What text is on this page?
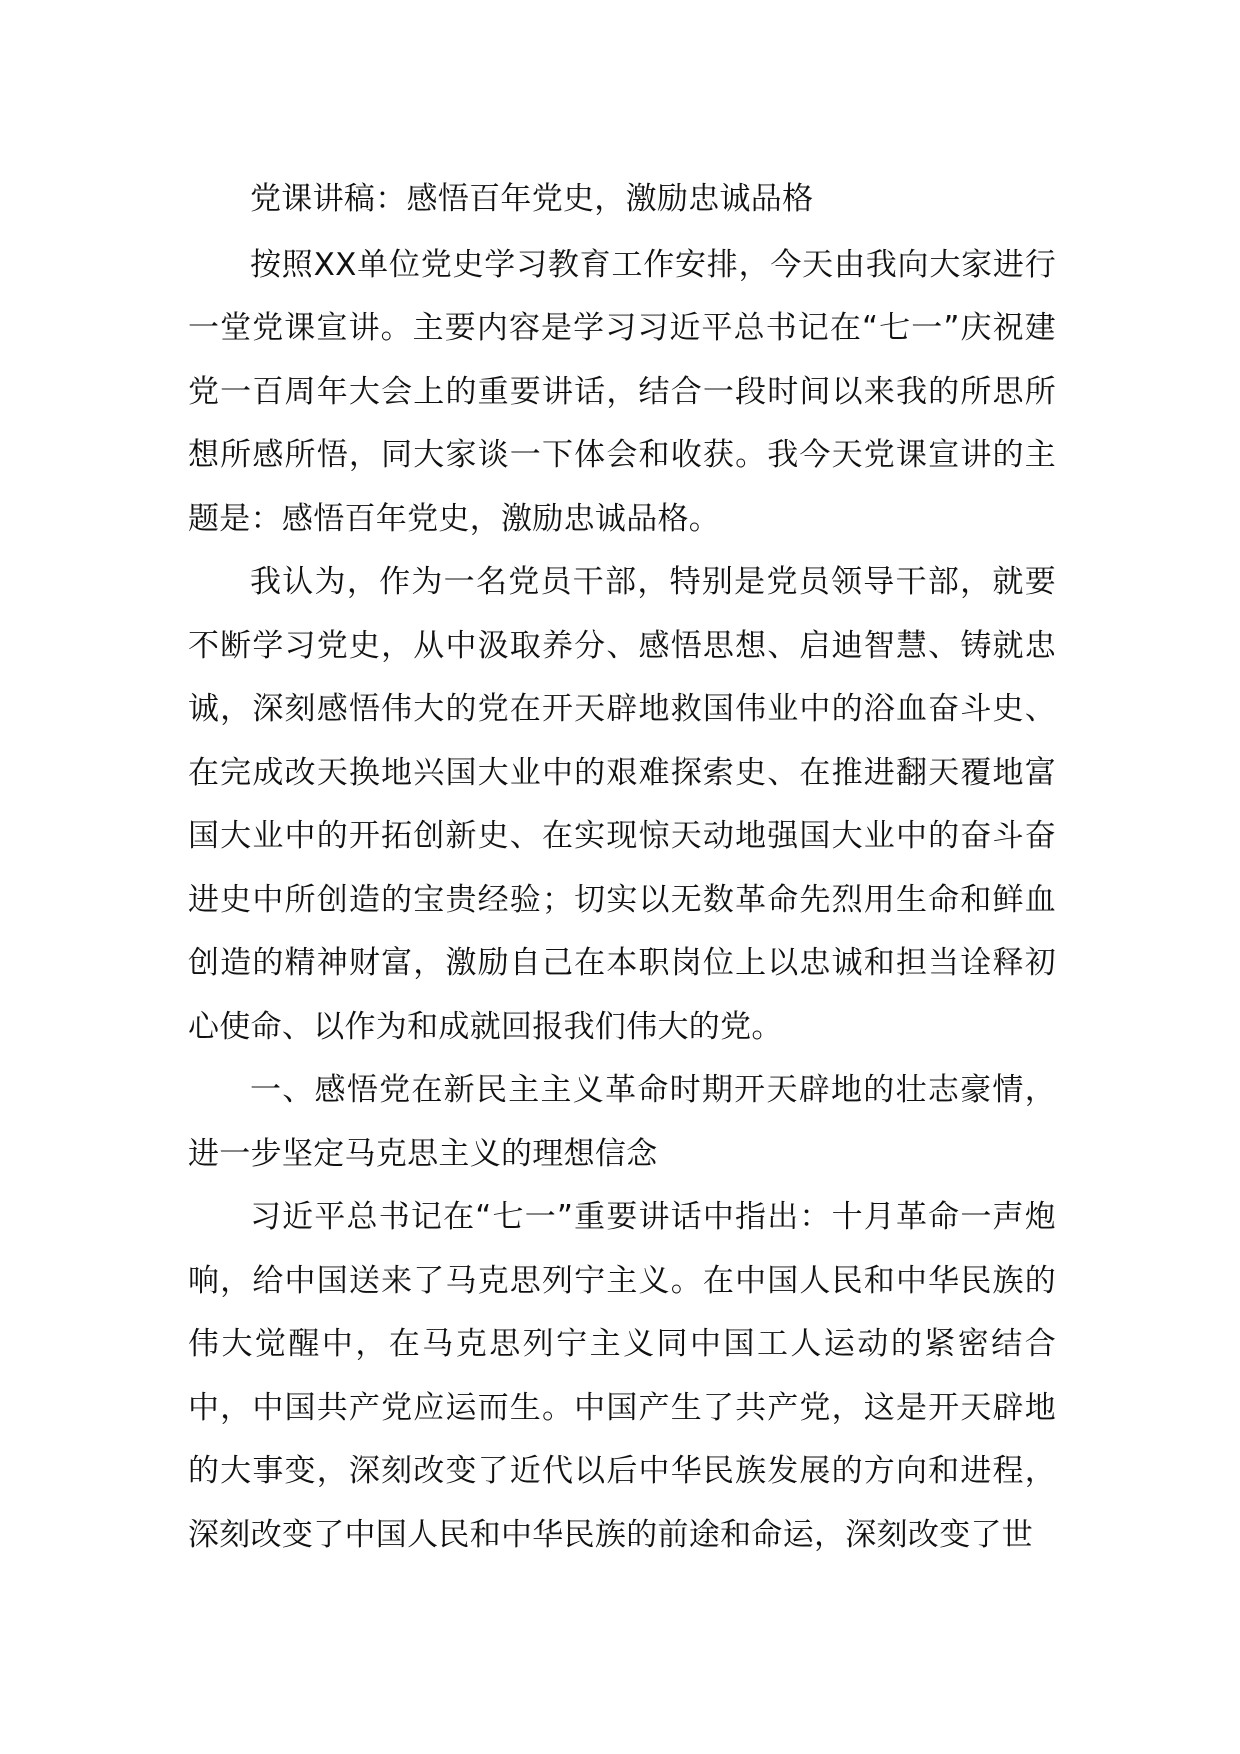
党课讲稿：感悟百年党史，激励忠诚品格

按照XX单位党史学习教育工作安排，今天由我向大家进行一堂党课宣讲。主要内容是学习习近平总书记在“七一”庆祝建党一百周年大会上的重要讲话，结合一段时间以来我的所思所想所感所悟，同大家谈一下体会和收获。我今天党课宣讲的主题是：感悟百年党史，激励忠诚品格。

我认为，作为一名党员干部，特别是党员领导干部，就要不断学习党史，从中汲取养分、感悟思想、启迪智慧、铸就忠诚，深刻感悟伟大的党在开天辟地救国伟业中的浴血奋斗史、在完成改天换地兴国大业中的艰难探索史、在推进翻天覆地富国大业中的开拓创新史、在实现惊天动地强国大业中的奋斗奋进史中所创造的宝贵经验；切实以无数革命先烈用生命和鲜血创造的精神财富，激励自己在本职岗位上以忠诚和担当诠释初心使命、以作为和成就回报我们伟大的党。

一、感悟党在新民主主义革命时期开天辟地的壮志豪情，进一步坚定马克思主义的理想信念

习近平总书记在“七一”重要讲话中指出：十月革命一声炮响，给中国送来了马克思列宁主义。在中国人民和中华民族的伟大觉醒中，在马克思列宁主义同中国工人运动的紧密结合中，中国共产党应运而生。中国产生了共产党，这是开天辟地的大事变，深刻改变了近代以后中华民族发展的方向和进程，深刻改变了中国人民和中华民族的前途和命运，深刻改变了世
